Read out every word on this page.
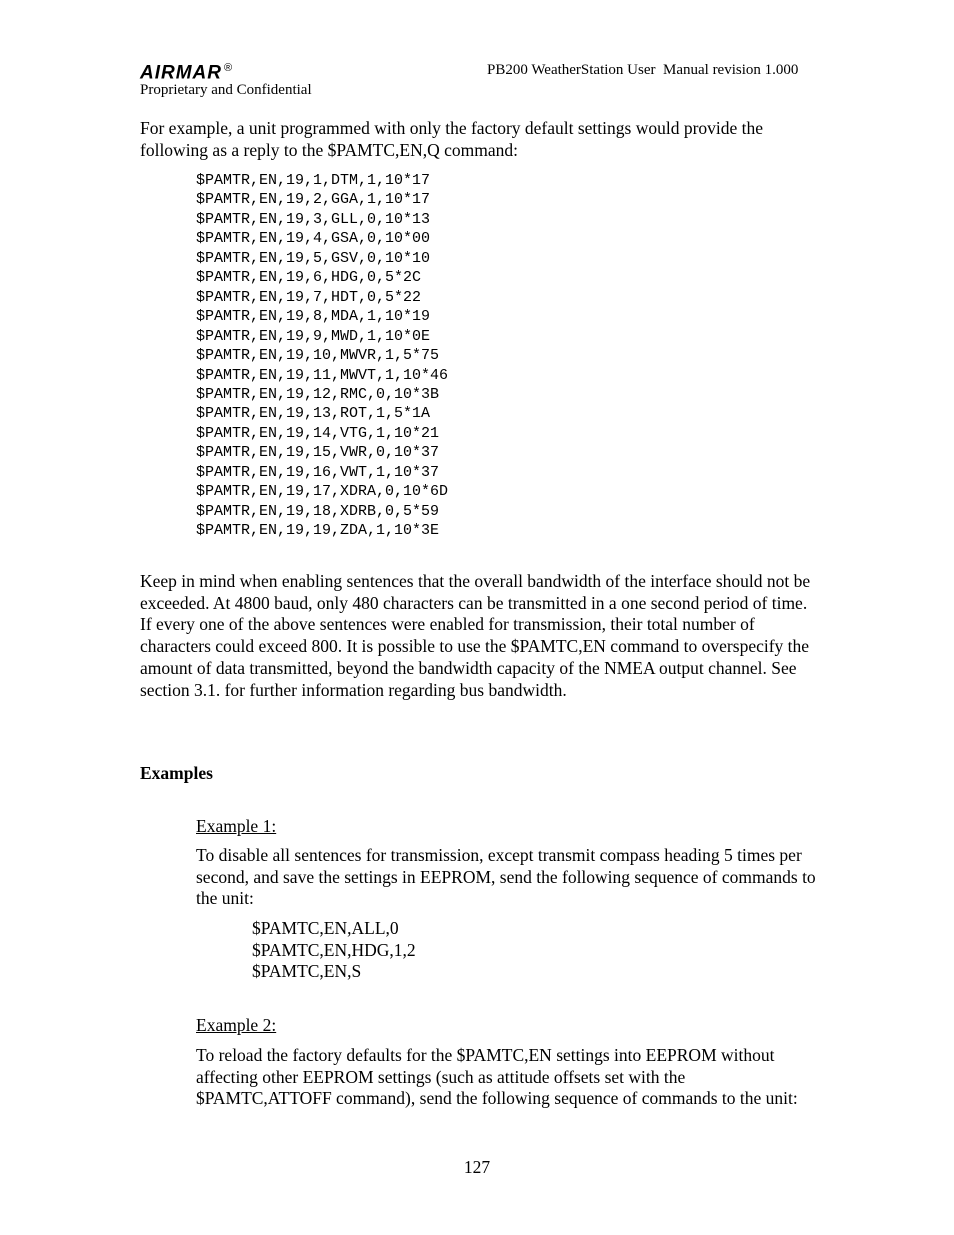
AIRMAR ®	PB200 WeatherStation User  Manual revision 1.000
Proprietary and Confidential

For example, a unit programmed with only the factory default settings would provide the following as a reply to the $PAMTC,EN,Q command:

$PAMTR,EN,19,1,DTM,1,10*17
$PAMTR,EN,19,2,GGA,1,10*17
$PAMTR,EN,19,3,GLL,0,10*13
$PAMTR,EN,19,4,GSA,0,10*00
$PAMTR,EN,19,5,GSV,0,10*10
$PAMTR,EN,19,6,HDG,0,5*2C
$PAMTR,EN,19,7,HDT,0,5*22
$PAMTR,EN,19,8,MDA,1,10*19
$PAMTR,EN,19,9,MWD,1,10*0E
$PAMTR,EN,19,10,MWVR,1,5*75
$PAMTR,EN,19,11,MWVT,1,10*46
$PAMTR,EN,19,12,RMC,0,10*3B
$PAMTR,EN,19,13,ROT,1,5*1A
$PAMTR,EN,19,14,VTG,1,10*21
$PAMTR,EN,19,15,VWR,0,10*37
$PAMTR,EN,19,16,VWT,1,10*37
$PAMTR,EN,19,17,XDRA,0,10*6D
$PAMTR,EN,19,18,XDRB,0,5*59
$PAMTR,EN,19,19,ZDA,1,10*3E

Keep in mind when enabling sentences that the overall bandwidth of the interface should not be exceeded. At 4800 baud, only 480 characters can be transmitted in a one second period of time. If every one of the above sentences were enabled for transmission, their total number of characters could exceed 800. It is possible to use the $PAMTC,EN command to overspecify the amount of data transmitted, beyond the bandwidth capacity of the NMEA output channel. See section 3.1. for further information regarding bus bandwidth.

Examples
Example 1:

To disable all sentences for transmission, except transmit compass heading 5 times per second, and save the settings in EEPROM, send the following sequence of commands to the unit:

$PAMTC,EN,ALL,0
$PAMTC,EN,HDG,1,2
$PAMTC,EN,S
Example 2:

To reload the factory defaults for the $PAMTC,EN settings into EEPROM without affecting other EEPROM settings (such as attitude offsets set with the $PAMTC,ATTOFF command), send the following sequence of commands to the unit:

127
